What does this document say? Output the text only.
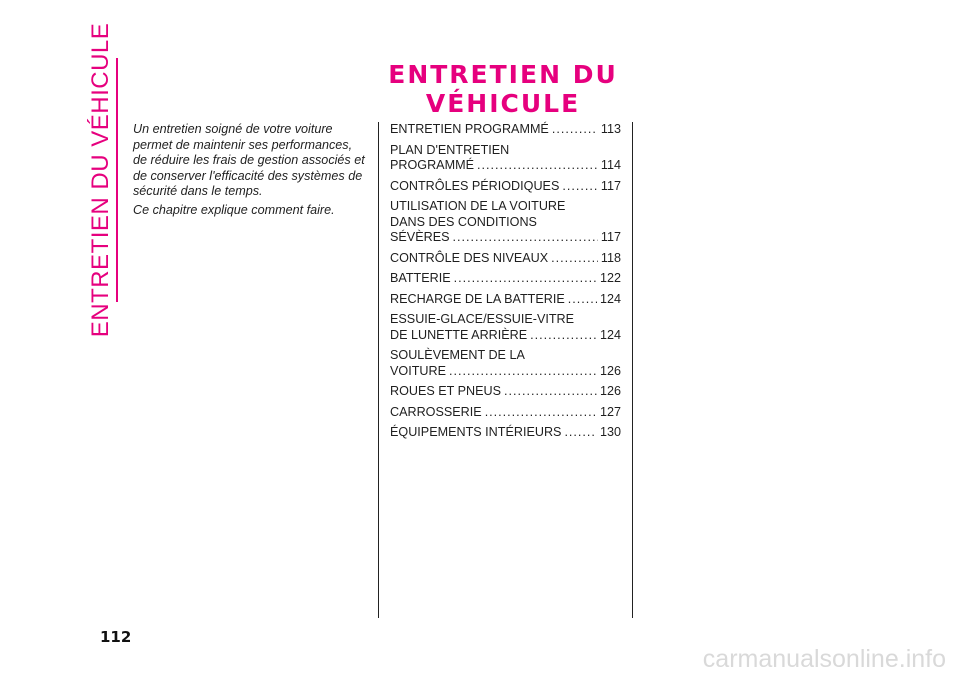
ENTRETIEN DU VÉHICULE	ENTRETIEN DU VÉHICULE

Un entretien soigné de votre voiture permet de maintenir ses performances, de réduire les frais de gestion associés et de conserver l'efficacité des systèmes de sécurité dans le temps.

Ce chapitre explique comment faire.

ENTRETIEN PROGRAMMÉ .....	113
PLAN D'ENTRETIEN
PROGRAMMÉ .....	114
CONTRÔLES PÉRIODIQUES .....	117
UTILISATION DE LA VOITURE
DANS DES CONDITIONS
SÉVÈRES .....	117
CONTRÔLE DES NIVEAUX .....	118
BATTERIE .....	122
RECHARGE DE LA BATTERIE .....	124
ESSUIE-GLACE/ESSUIE-VITRE
DE LUNETTE ARRIÈRE .....	124
SOULÈVEMENT DE LA
VOITURE .....	126
ROUES ET PNEUS .....	126
CARROSSERIE .....	127
ÉQUIPEMENTS INTÉRIEURS .....	130
112
carmanualsonline.info
